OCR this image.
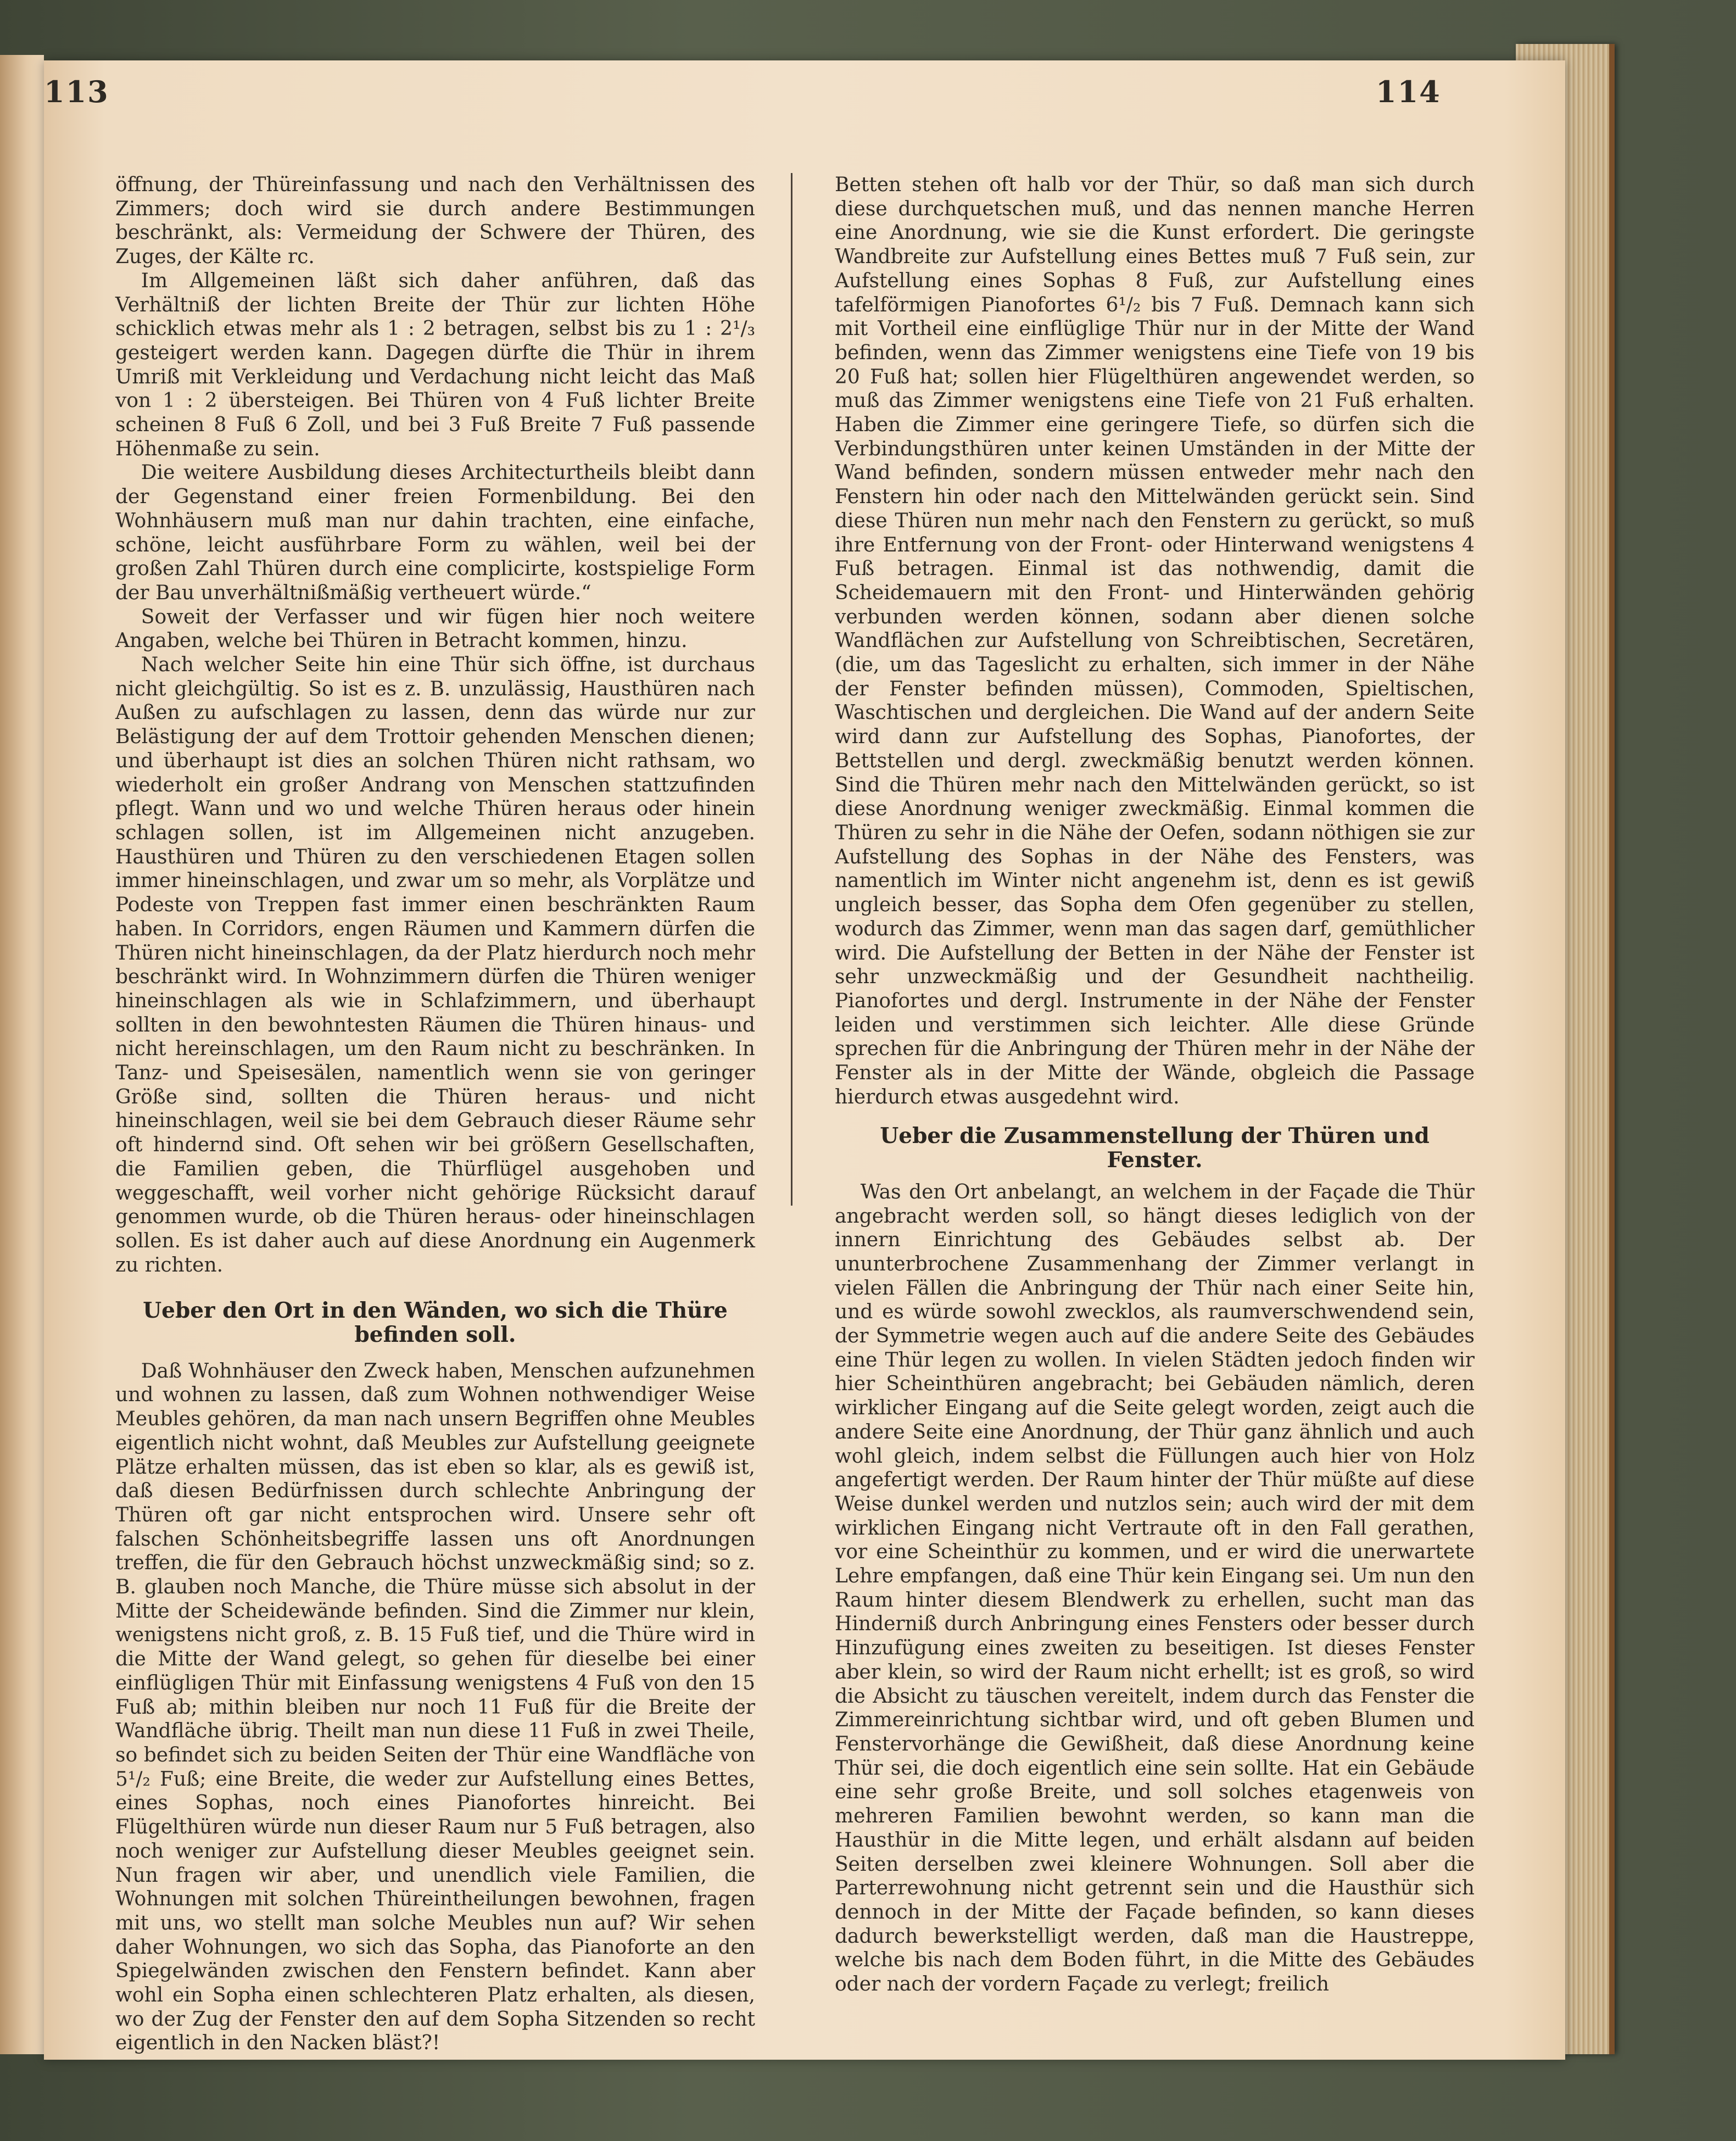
113	114

öffnung, der Thüreinfassung und nach den Verhältnissen des Zimmers; doch wird sie durch andere Bestimmungen beschränkt, als: Vermeidung der Schwere der Thüren, des Zuges, der Kälte rc.

Im Allgemeinen läßt sich daher anführen, daß das Verhältniß der lichten Breite der Thür zur lichten Höhe schicklich etwas mehr als 1 : 2 betragen, selbst bis zu 1 : 2¹/₃ gesteigert werden kann. Dagegen dürfte die Thür in ihrem Umriß mit Verkleidung und Verdachung nicht leicht das Maß von 1 : 2 übersteigen. Bei Thüren von 4 Fuß lichter Breite scheinen 8 Fuß 6 Zoll, und bei 3 Fuß Breite 7 Fuß passende Höhenmaße zu sein.

Die weitere Ausbildung dieses Architecturtheils bleibt dann der Gegenstand einer freien Formenbildung. Bei den Wohnhäusern muß man nur dahin trachten, eine einfache, schöne, leicht ausführbare Form zu wählen, weil bei der großen Zahl Thüren durch eine complicirte, kostspielige Form der Bau unverhältnißmäßig vertheuert würde.“

Soweit der Verfasser und wir fügen hier noch weitere Angaben, welche bei Thüren in Betracht kommen, hinzu.

Nach welcher Seite hin eine Thür sich öffne, ist durchaus nicht gleichgültig. So ist es z. B. unzulässig, Hausthüren nach Außen zu aufschlagen zu lassen, denn das würde nur zur Belästigung der auf dem Trottoir gehenden Menschen dienen; und überhaupt ist dies an solchen Thüren nicht rathsam, wo wiederholt ein großer Andrang von Menschen stattzufinden pflegt. Wann und wo und welche Thüren heraus oder hinein schlagen sollen, ist im Allgemeinen nicht anzugeben. Hausthüren und Thüren zu den verschiedenen Etagen sollen immer hineinschlagen, und zwar um so mehr, als Vorplätze und Podeste von Treppen fast immer einen beschränkten Raum haben. In Corridors, engen Räumen und Kammern dürfen die Thüren nicht hineinschlagen, da der Platz hierdurch noch mehr beschränkt wird. In Wohnzimmern dürfen die Thüren weniger hineinschlagen als wie in Schlafzimmern, und überhaupt sollten in den bewohntesten Räumen die Thüren hinaus- und nicht hereinschlagen, um den Raum nicht zu beschränken. In Tanz- und Speisesälen, namentlich wenn sie von geringer Größe sind, sollten die Thüren heraus- und nicht hineinschlagen, weil sie bei dem Gebrauch dieser Räume sehr oft hindernd sind. Oft sehen wir bei größern Gesellschaften, die Familien geben, die Thürflügel ausgehoben und weggeschafft, weil vorher nicht gehörige Rücksicht darauf genommen wurde, ob die Thüren heraus- oder hineinschlagen sollen. Es ist daher auch auf diese Anordnung ein Augenmerk zu richten.

Ueber den Ort in den Wänden, wo sich die Thüre befinden soll.

Daß Wohnhäuser den Zweck haben, Menschen aufzunehmen und wohnen zu lassen, daß zum Wohnen nothwendiger Weise Meubles gehören, da man nach unsern Begriffen ohne Meubles eigentlich nicht wohnt, daß Meubles zur Aufstellung geeignete Plätze erhalten müssen, das ist eben so klar, als es gewiß ist, daß diesen Bedürfnissen durch schlechte Anbringung der Thüren oft gar nicht entsprochen wird. Unsere sehr oft falschen Schönheitsbegriffe lassen uns oft Anordnungen treffen, die für den Gebrauch höchst unzweckmäßig sind; so z. B. glauben noch Manche, die Thüre müsse sich absolut in der Mitte der Scheidewände befinden. Sind die Zimmer nur klein, wenigstens nicht groß, z. B. 15 Fuß tief, und die Thüre wird in die Mitte der Wand gelegt, so gehen für dieselbe bei einer einflügligen Thür mit Einfassung wenigstens 4 Fuß von den 15 Fuß ab; mithin bleiben nur noch 11 Fuß für die Breite der Wandfläche übrig. Theilt man nun diese 11 Fuß in zwei Theile, so befindet sich zu beiden Seiten der Thür eine Wandfläche von 5¹/₂ Fuß; eine Breite, die weder zur Aufstellung eines Bettes, eines Sophas, noch eines Pianofortes hinreicht. Bei Flügelthüren würde nun dieser Raum nur 5 Fuß betragen, also noch weniger zur Aufstellung dieser Meubles geeignet sein. Nun fragen wir aber, und unendlich viele Familien, die Wohnungen mit solchen Thüreintheilungen bewohnen, fragen mit uns, wo stellt man solche Meubles nun auf? Wir sehen daher Wohnungen, wo sich das Sopha, das Pianoforte an den Spiegelwänden zwischen den Fenstern befindet. Kann aber wohl ein Sopha einen schlechteren Platz erhalten, als diesen, wo der Zug der Fenster den auf dem Sopha Sitzenden so recht eigentlich in den Nacken bläst?!

Betten stehen oft halb vor der Thür, so daß man sich durch diese durchquetschen muß, und das nennen manche Herren eine Anordnung, wie sie die Kunst erfordert. Die geringste Wandbreite zur Aufstellung eines Bettes muß 7 Fuß sein, zur Aufstellung eines Sophas 8 Fuß, zur Aufstellung eines tafelförmigen Pianofortes 6¹/₂ bis 7 Fuß. Demnach kann sich mit Vortheil eine einflüglige Thür nur in der Mitte der Wand befinden, wenn das Zimmer wenigstens eine Tiefe von 19 bis 20 Fuß hat; sollen hier Flügelthüren angewendet werden, so muß das Zimmer wenigstens eine Tiefe von 21 Fuß erhalten. Haben die Zimmer eine geringere Tiefe, so dürfen sich die Verbindungsthüren unter keinen Umständen in der Mitte der Wand befinden, sondern müssen entweder mehr nach den Fenstern hin oder nach den Mittelwänden gerückt sein. Sind diese Thüren nun mehr nach den Fenstern zu gerückt, so muß ihre Entfernung von der Front- oder Hinterwand wenigstens 4 Fuß betragen. Einmal ist das nothwendig, damit die Scheidemauern mit den Front- und Hinterwänden gehörig verbunden werden können, sodann aber dienen solche Wandflächen zur Aufstellung von Schreibtischen, Secretären, (die, um das Tageslicht zu erhalten, sich immer in der Nähe der Fenster befinden müssen), Commoden, Spieltischen, Waschtischen und dergleichen. Die Wand auf der andern Seite wird dann zur Aufstellung des Sophas, Pianofortes, der Bettstellen und dergl. zweckmäßig benutzt werden können. Sind die Thüren mehr nach den Mittelwänden gerückt, so ist diese Anordnung weniger zweckmäßig. Einmal kommen die Thüren zu sehr in die Nähe der Oefen, sodann nöthigen sie zur Aufstellung des Sophas in der Nähe des Fensters, was namentlich im Winter nicht angenehm ist, denn es ist gewiß ungleich besser, das Sopha dem Ofen gegenüber zu stellen, wodurch das Zimmer, wenn man das sagen darf, gemüthlicher wird. Die Aufstellung der Betten in der Nähe der Fenster ist sehr unzweckmäßig und der Gesundheit nachtheilig. Pianofortes und dergl. Instrumente in der Nähe der Fenster leiden und verstimmen sich leichter. Alle diese Gründe sprechen für die Anbringung der Thüren mehr in der Nähe der Fenster als in der Mitte der Wände, obgleich die Passage hierdurch etwas ausgedehnt wird.

Ueber die Zusammenstellung der Thüren und Fenster.

Was den Ort anbelangt, an welchem in der Façade die Thür angebracht werden soll, so hängt dieses lediglich von der innern Einrichtung des Gebäudes selbst ab. Der ununterbrochene Zusammenhang der Zimmer verlangt in vielen Fällen die Anbringung der Thür nach einer Seite hin, und es würde sowohl zwecklos, als raumverschwendend sein, der Symmetrie wegen auch auf die andere Seite des Gebäudes eine Thür legen zu wollen. In vielen Städten jedoch finden wir hier Scheinthüren angebracht; bei Gebäuden nämlich, deren wirklicher Eingang auf die Seite gelegt worden, zeigt auch die andere Seite eine Anordnung, der Thür ganz ähnlich und auch wohl gleich, indem selbst die Füllungen auch hier von Holz angefertigt werden. Der Raum hinter der Thür müßte auf diese Weise dunkel werden und nutzlos sein; auch wird der mit dem wirklichen Eingang nicht Vertraute oft in den Fall gerathen, vor eine Scheinthür zu kommen, und er wird die unerwartete Lehre empfangen, daß eine Thür kein Eingang sei. Um nun den Raum hinter diesem Blendwerk zu erhellen, sucht man das Hinderniß durch Anbringung eines Fensters oder besser durch Hinzufügung eines zweiten zu beseitigen. Ist dieses Fenster aber klein, so wird der Raum nicht erhellt; ist es groß, so wird die Absicht zu täuschen vereitelt, indem durch das Fenster die Zimmereinrichtung sichtbar wird, und oft geben Blumen und Fenstervorhänge die Gewißheit, daß diese Anordnung keine Thür sei, die doch eigentlich eine sein sollte. Hat ein Gebäude eine sehr große Breite, und soll solches etagenweis von mehreren Familien bewohnt werden, so kann man die Hausthür in die Mitte legen, und erhält alsdann auf beiden Seiten derselben zwei kleinere Wohnungen. Soll aber die Parterrewohnung nicht getrennt sein und die Hausthür sich dennoch in der Mitte der Façade befinden, so kann dieses dadurch bewerkstelligt werden, daß man die Haustreppe, welche bis nach dem Boden führt, in die Mitte des Gebäudes oder nach der vordern Façade zu verlegt; freilich
